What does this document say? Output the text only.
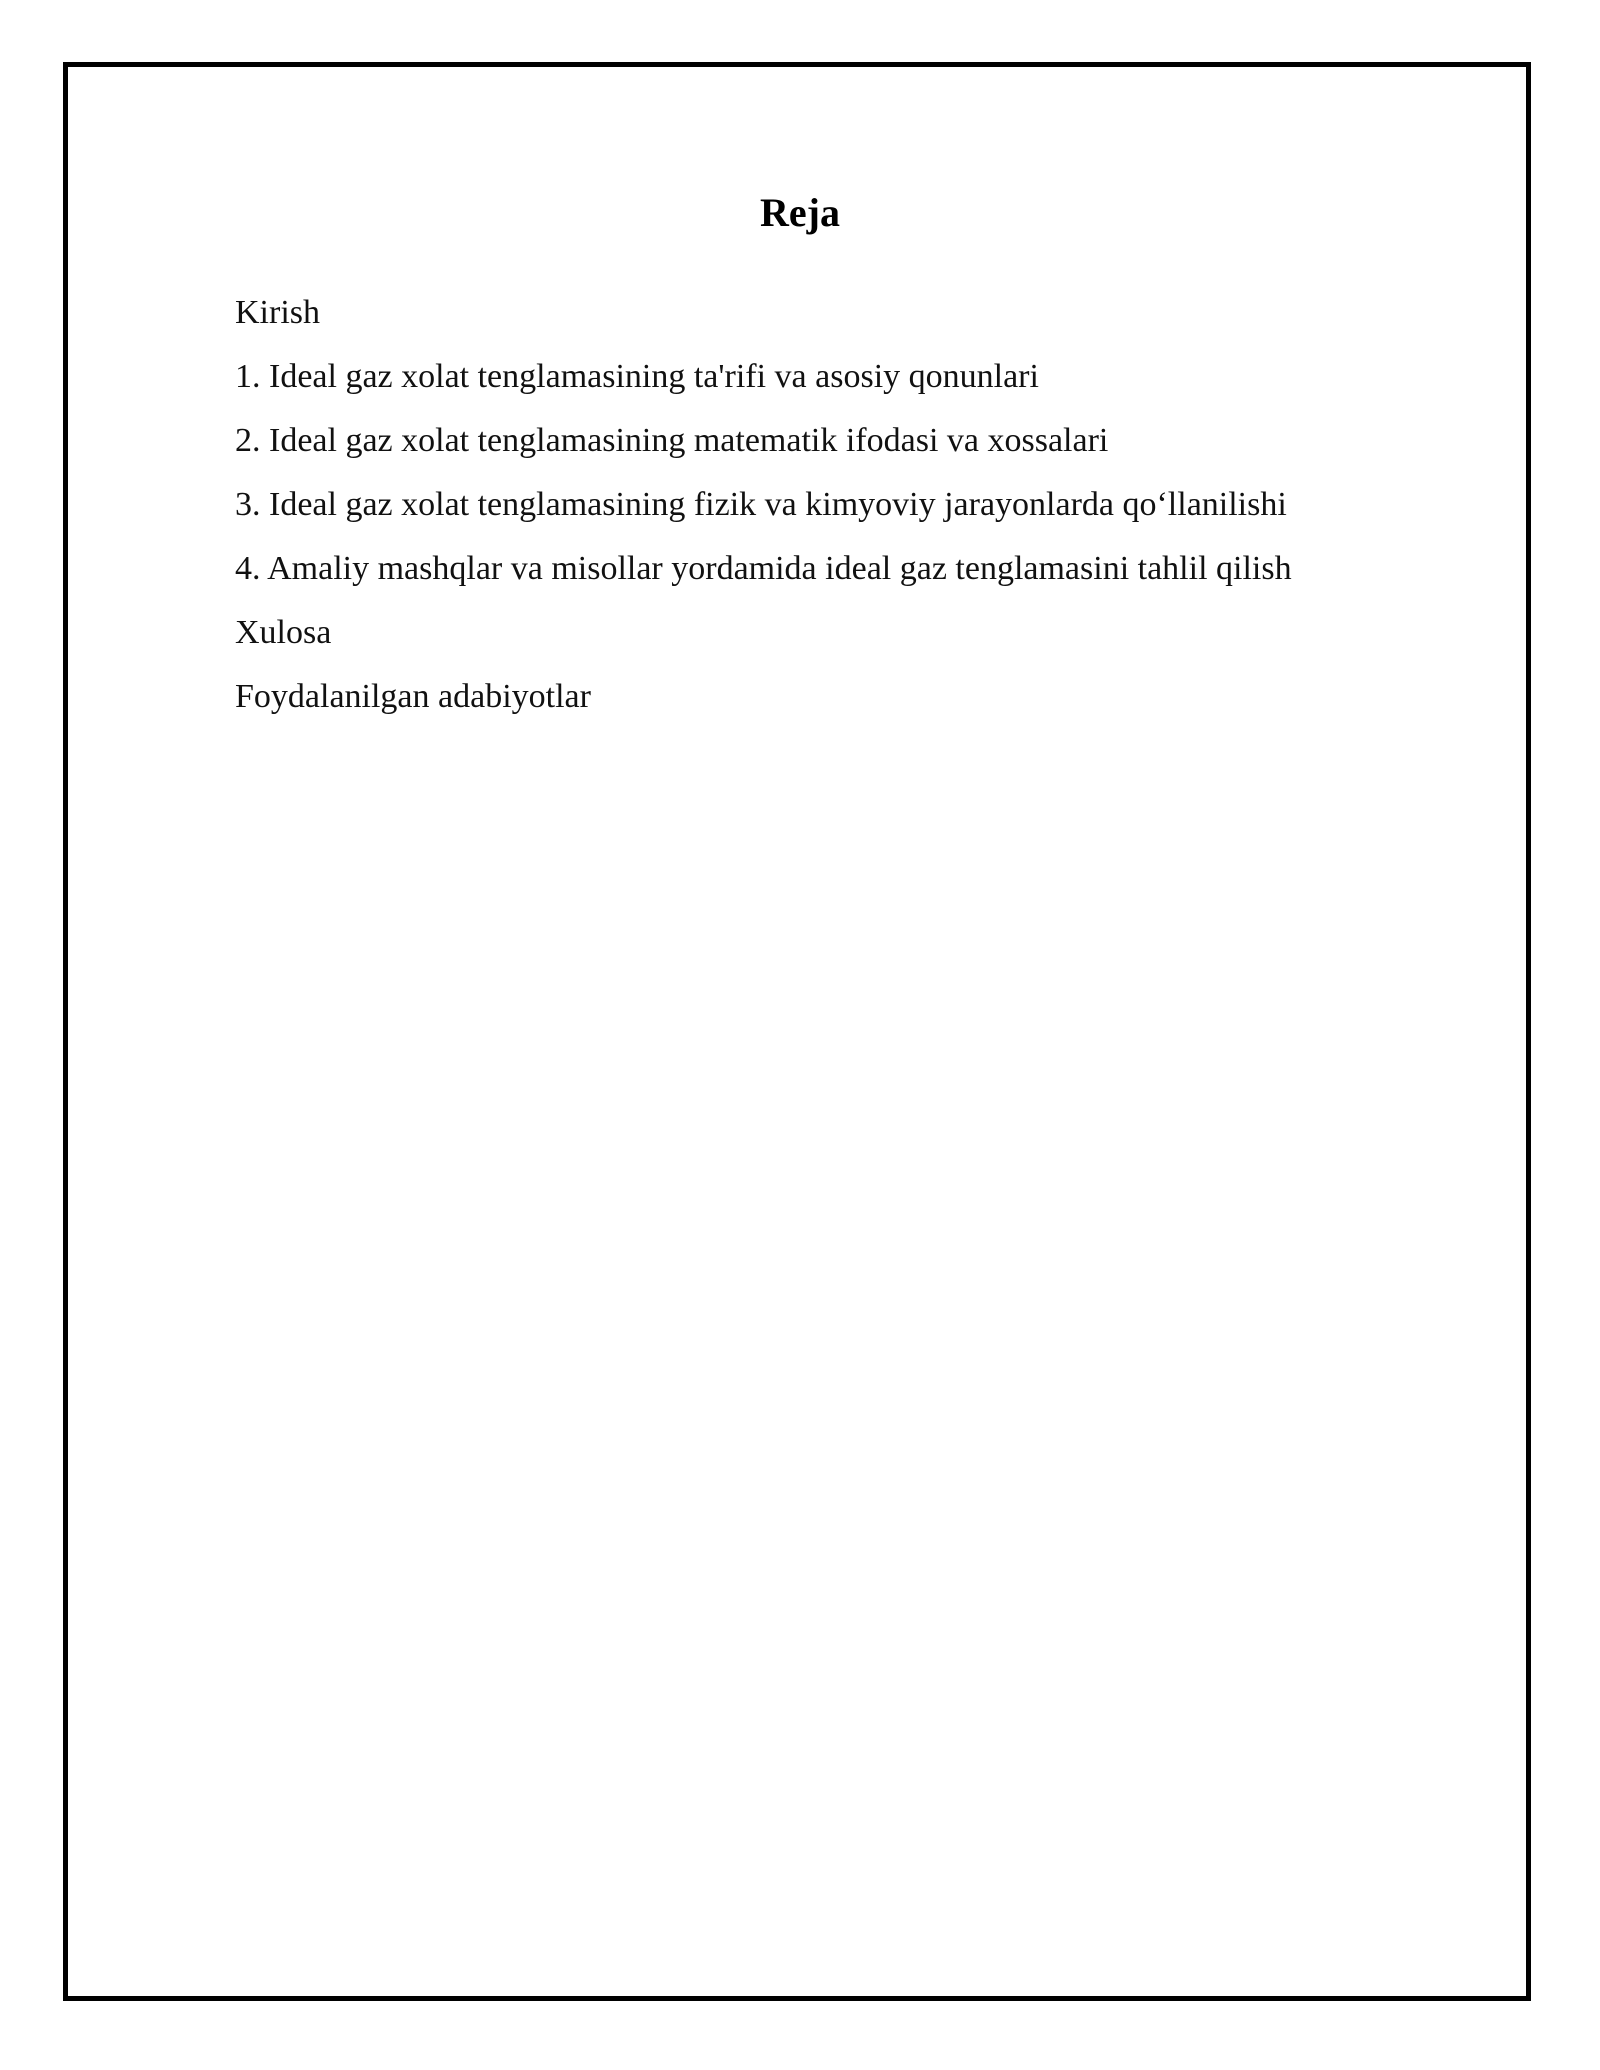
Reja
Kirish
1. Ideal gaz xolat tenglamasining ta'rifi va asosiy qonunlari
2. Ideal gaz xolat tenglamasining matematik ifodasi va xossalari
3. Ideal gaz xolat tenglamasining fizik va kimyoviy jarayonlarda qo‘llanilishi
4. Amaliy mashqlar va misollar yordamida ideal gaz tenglamasini tahlil qilish
Xulosa
Foydalanilgan adabiyotlar
